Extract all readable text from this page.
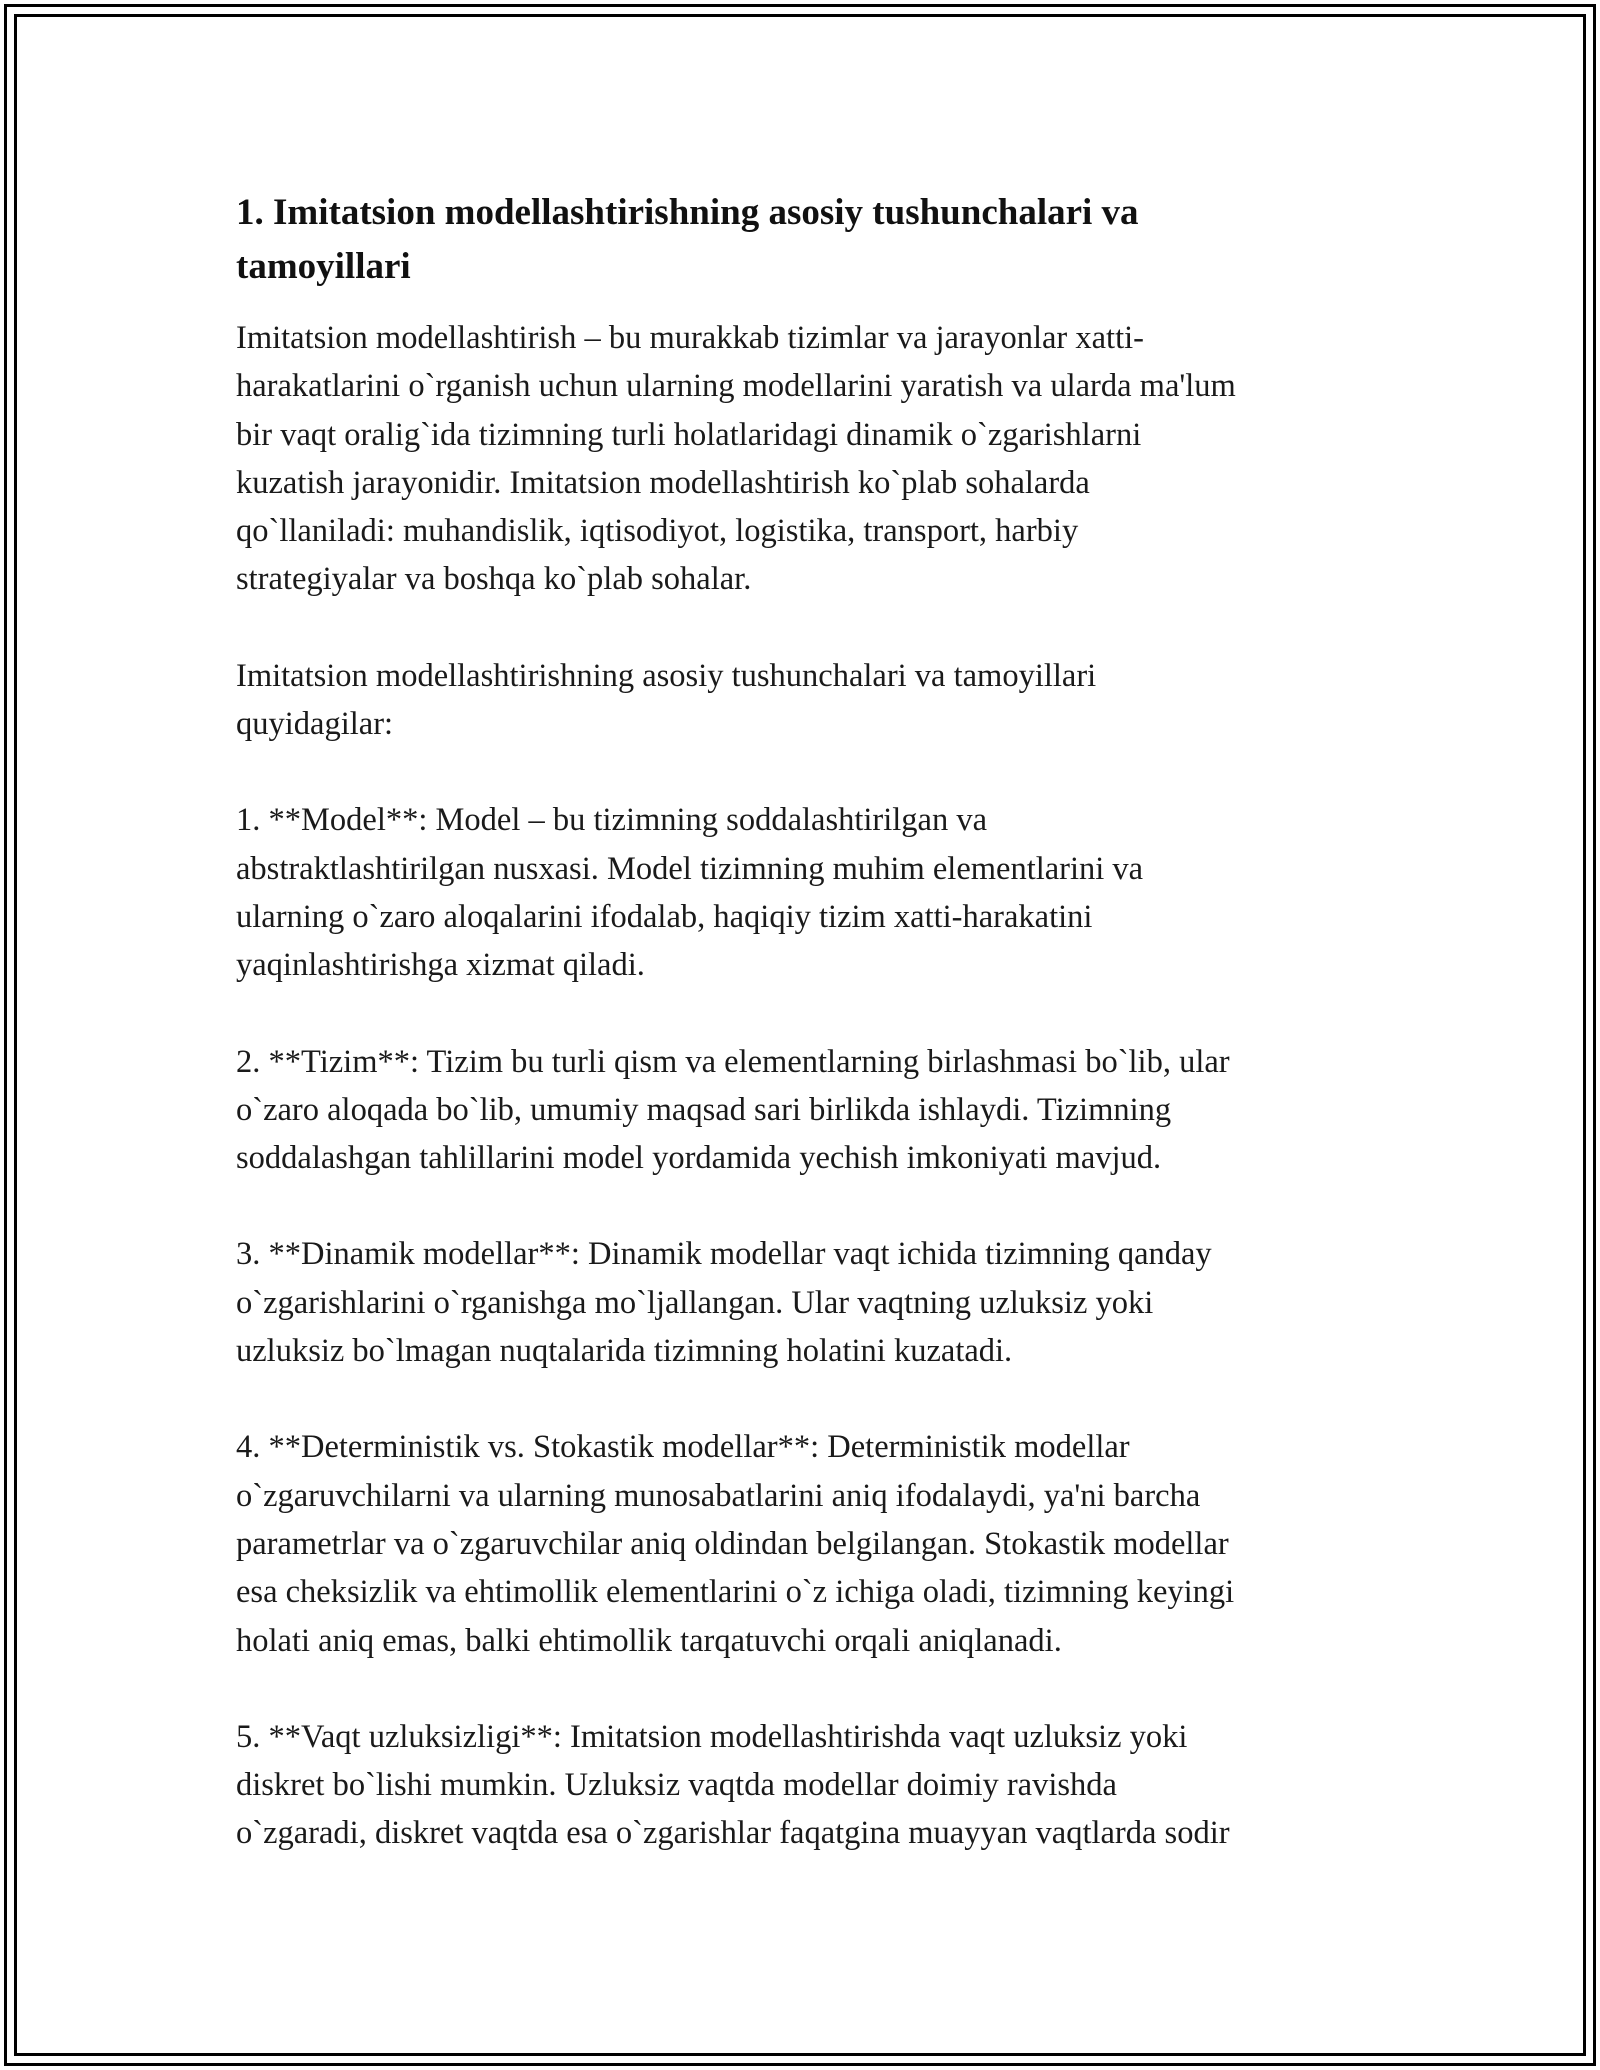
1. Imitatsion modellashtirishning asosiy tushunchalari va
tamoyillari

Imitatsion modellashtirish – bu murakkab tizimlar va jarayonlar xatti-
harakatlarini o`rganish uchun ularning modellarini yaratish va ularda ma'lum
bir vaqt oralig`ida tizimning turli holatlaridagi dinamik o`zgarishlarni
kuzatish jarayonidir. Imitatsion modellashtirish ko`plab sohalarda
qo`llaniladi: muhandislik, iqtisodiyot, logistika, transport, harbiy
strategiyalar va boshqa ko`plab sohalar.

Imitatsion modellashtirishning asosiy tushunchalari va tamoyillari
quyidagilar:

1. **Model**: Model – bu tizimning soddalashtirilgan va
abstraktlashtirilgan nusxasi. Model tizimning muhim elementlarini va
ularning o`zaro aloqalarini ifodalab, haqiqiy tizim xatti-harakatini
yaqinlashtirishga xizmat qiladi.

2. **Tizim**: Tizim bu turli qism va elementlarning birlashmasi bo`lib, ular
o`zaro aloqada bo`lib, umumiy maqsad sari birlikda ishlaydi. Tizimning
soddalashgan tahlillarini model yordamida yechish imkoniyati mavjud.

3. **Dinamik modellar**: Dinamik modellar vaqt ichida tizimning qanday
o`zgarishlarini o`rganishga mo`ljallangan. Ular vaqtning uzluksiz yoki
uzluksiz bo`lmagan nuqtalarida tizimning holatini kuzatadi.

4. **Deterministik vs. Stokastik modellar**: Deterministik modellar
o`zgaruvchilarni va ularning munosabatlarini aniq ifodalaydi, ya'ni barcha
parametrlar va o`zgaruvchilar aniq oldindan belgilangan. Stokastik modellar
esa cheksizlik va ehtimollik elementlarini o`z ichiga oladi, tizimning keyingi
holati aniq emas, balki ehtimollik tarqatuvchi orqali aniqlanadi.

5. **Vaqt uzluksizligi**: Imitatsion modellashtirishda vaqt uzluksiz yoki
diskret bo`lishi mumkin. Uzluksiz vaqtda modellar doimiy ravishda
o`zgaradi, diskret vaqtda esa o`zgarishlar faqatgina muayyan vaqtlarda sodir
